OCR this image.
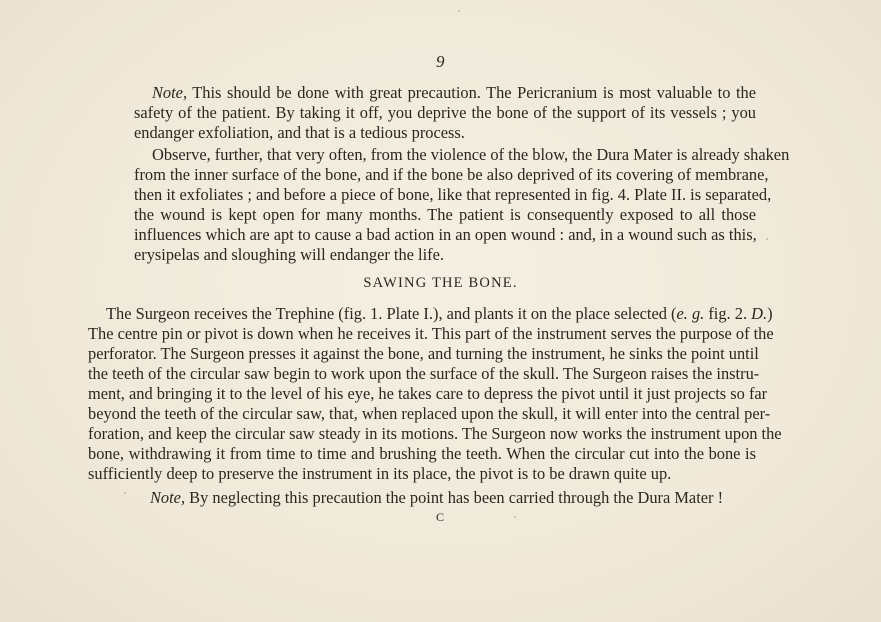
9
Note, This should be done with great precaution. The Pericranium is most valuable to the
safety of the patient. By taking it off, you deprive the bone of the support of its vessels ; you
endanger exfoliation, and that is a tedious process.
Observe, further, that very often, from the violence of the blow, the Dura Mater is already shaken
from the inner surface of the bone, and if the bone be also deprived of its covering of membrane,
then it exfoliates ; and before a piece of bone, like that represented in fig. 4. Plate II. is separated,
the wound is kept open for many months. The patient is consequently exposed to all those
influences which are apt to cause a bad action in an open wound : and, in a wound such as this,
erysipelas and sloughing will endanger the life.
SAWING THE BONE.
The Surgeon receives the Trephine (fig. 1. Plate I.), and plants it on the place selected (e. g. fig. 2. D.)
The centre pin or pivot is down when he receives it. This part of the instrument serves the purpose of the
perforator. The Surgeon presses it against the bone, and turning the instrument, he sinks the point until
the teeth of the circular saw begin to work upon the surface of the skull. The Surgeon raises the instru-
ment, and bringing it to the level of his eye, he takes care to depress the pivot until it just projects so far
beyond the teeth of the circular saw, that, when replaced upon the skull, it will enter into the central per-
foration, and keep the circular saw steady in its motions. The Surgeon now works the instrument upon the
bone, withdrawing it from time to time and brushing the teeth. When the circular cut into the bone is
sufficiently deep to preserve the instrument in its place, the pivot is to be drawn quite up.
Note, By neglecting this precaution the point has been carried through the Dura Mater !
C
